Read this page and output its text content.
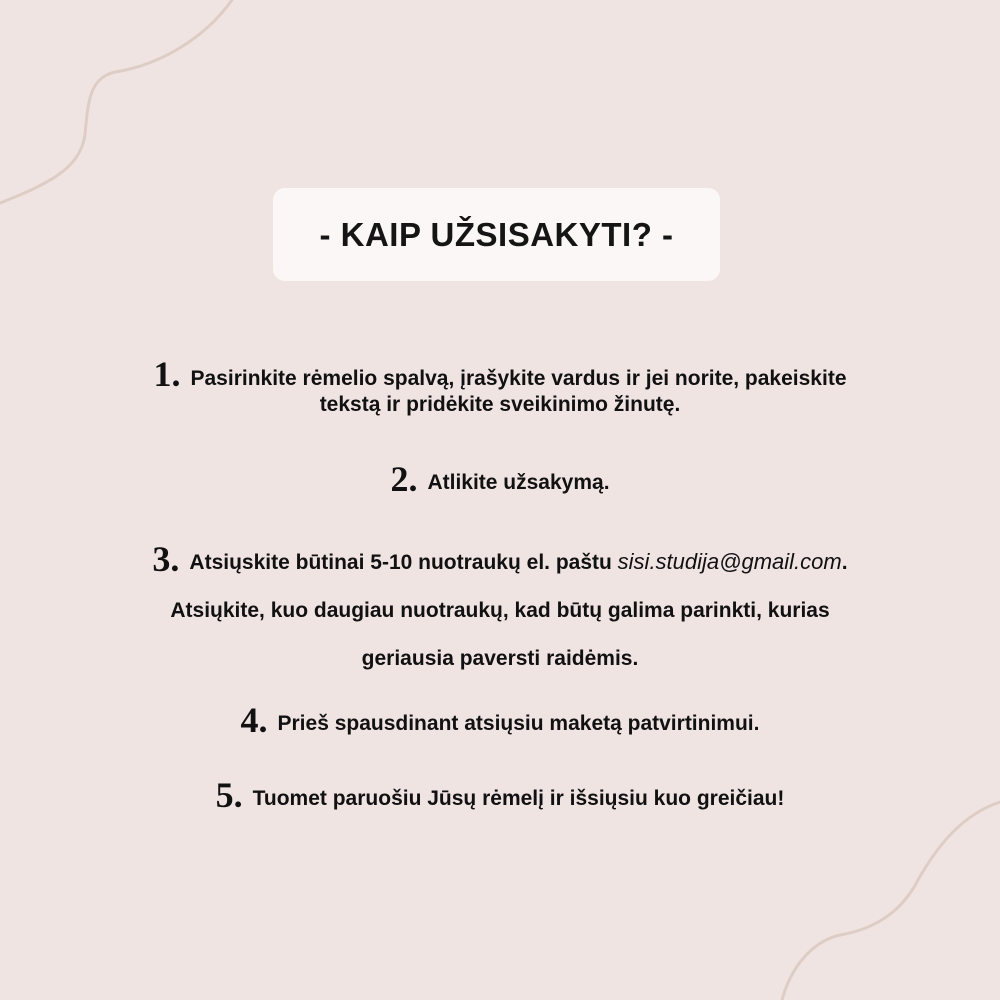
- KAIP UŽSISAKYTI? -
1. Pasirinkite rėmelio spalvą, įrašykite vardus ir jei norite, pakeiskite
tekstą ir pridėkite sveikinimo žinutę.
2. Atlikite užsakymą.
3. Atsiųskite būtinai 5-10 nuotraukų el. paštu sisi.studija@gmail.com.
Atsiųkite, kuo daugiau nuotraukų, kad būtų galima parinkti, kurias
geriausia paversti raidėmis.
4. Prieš spausdinant atsiųsiu maketą patvirtinimui.
5. Tuomet paruošiu Jūsų rėmelį ir išsiųsiu kuo greičiau!
